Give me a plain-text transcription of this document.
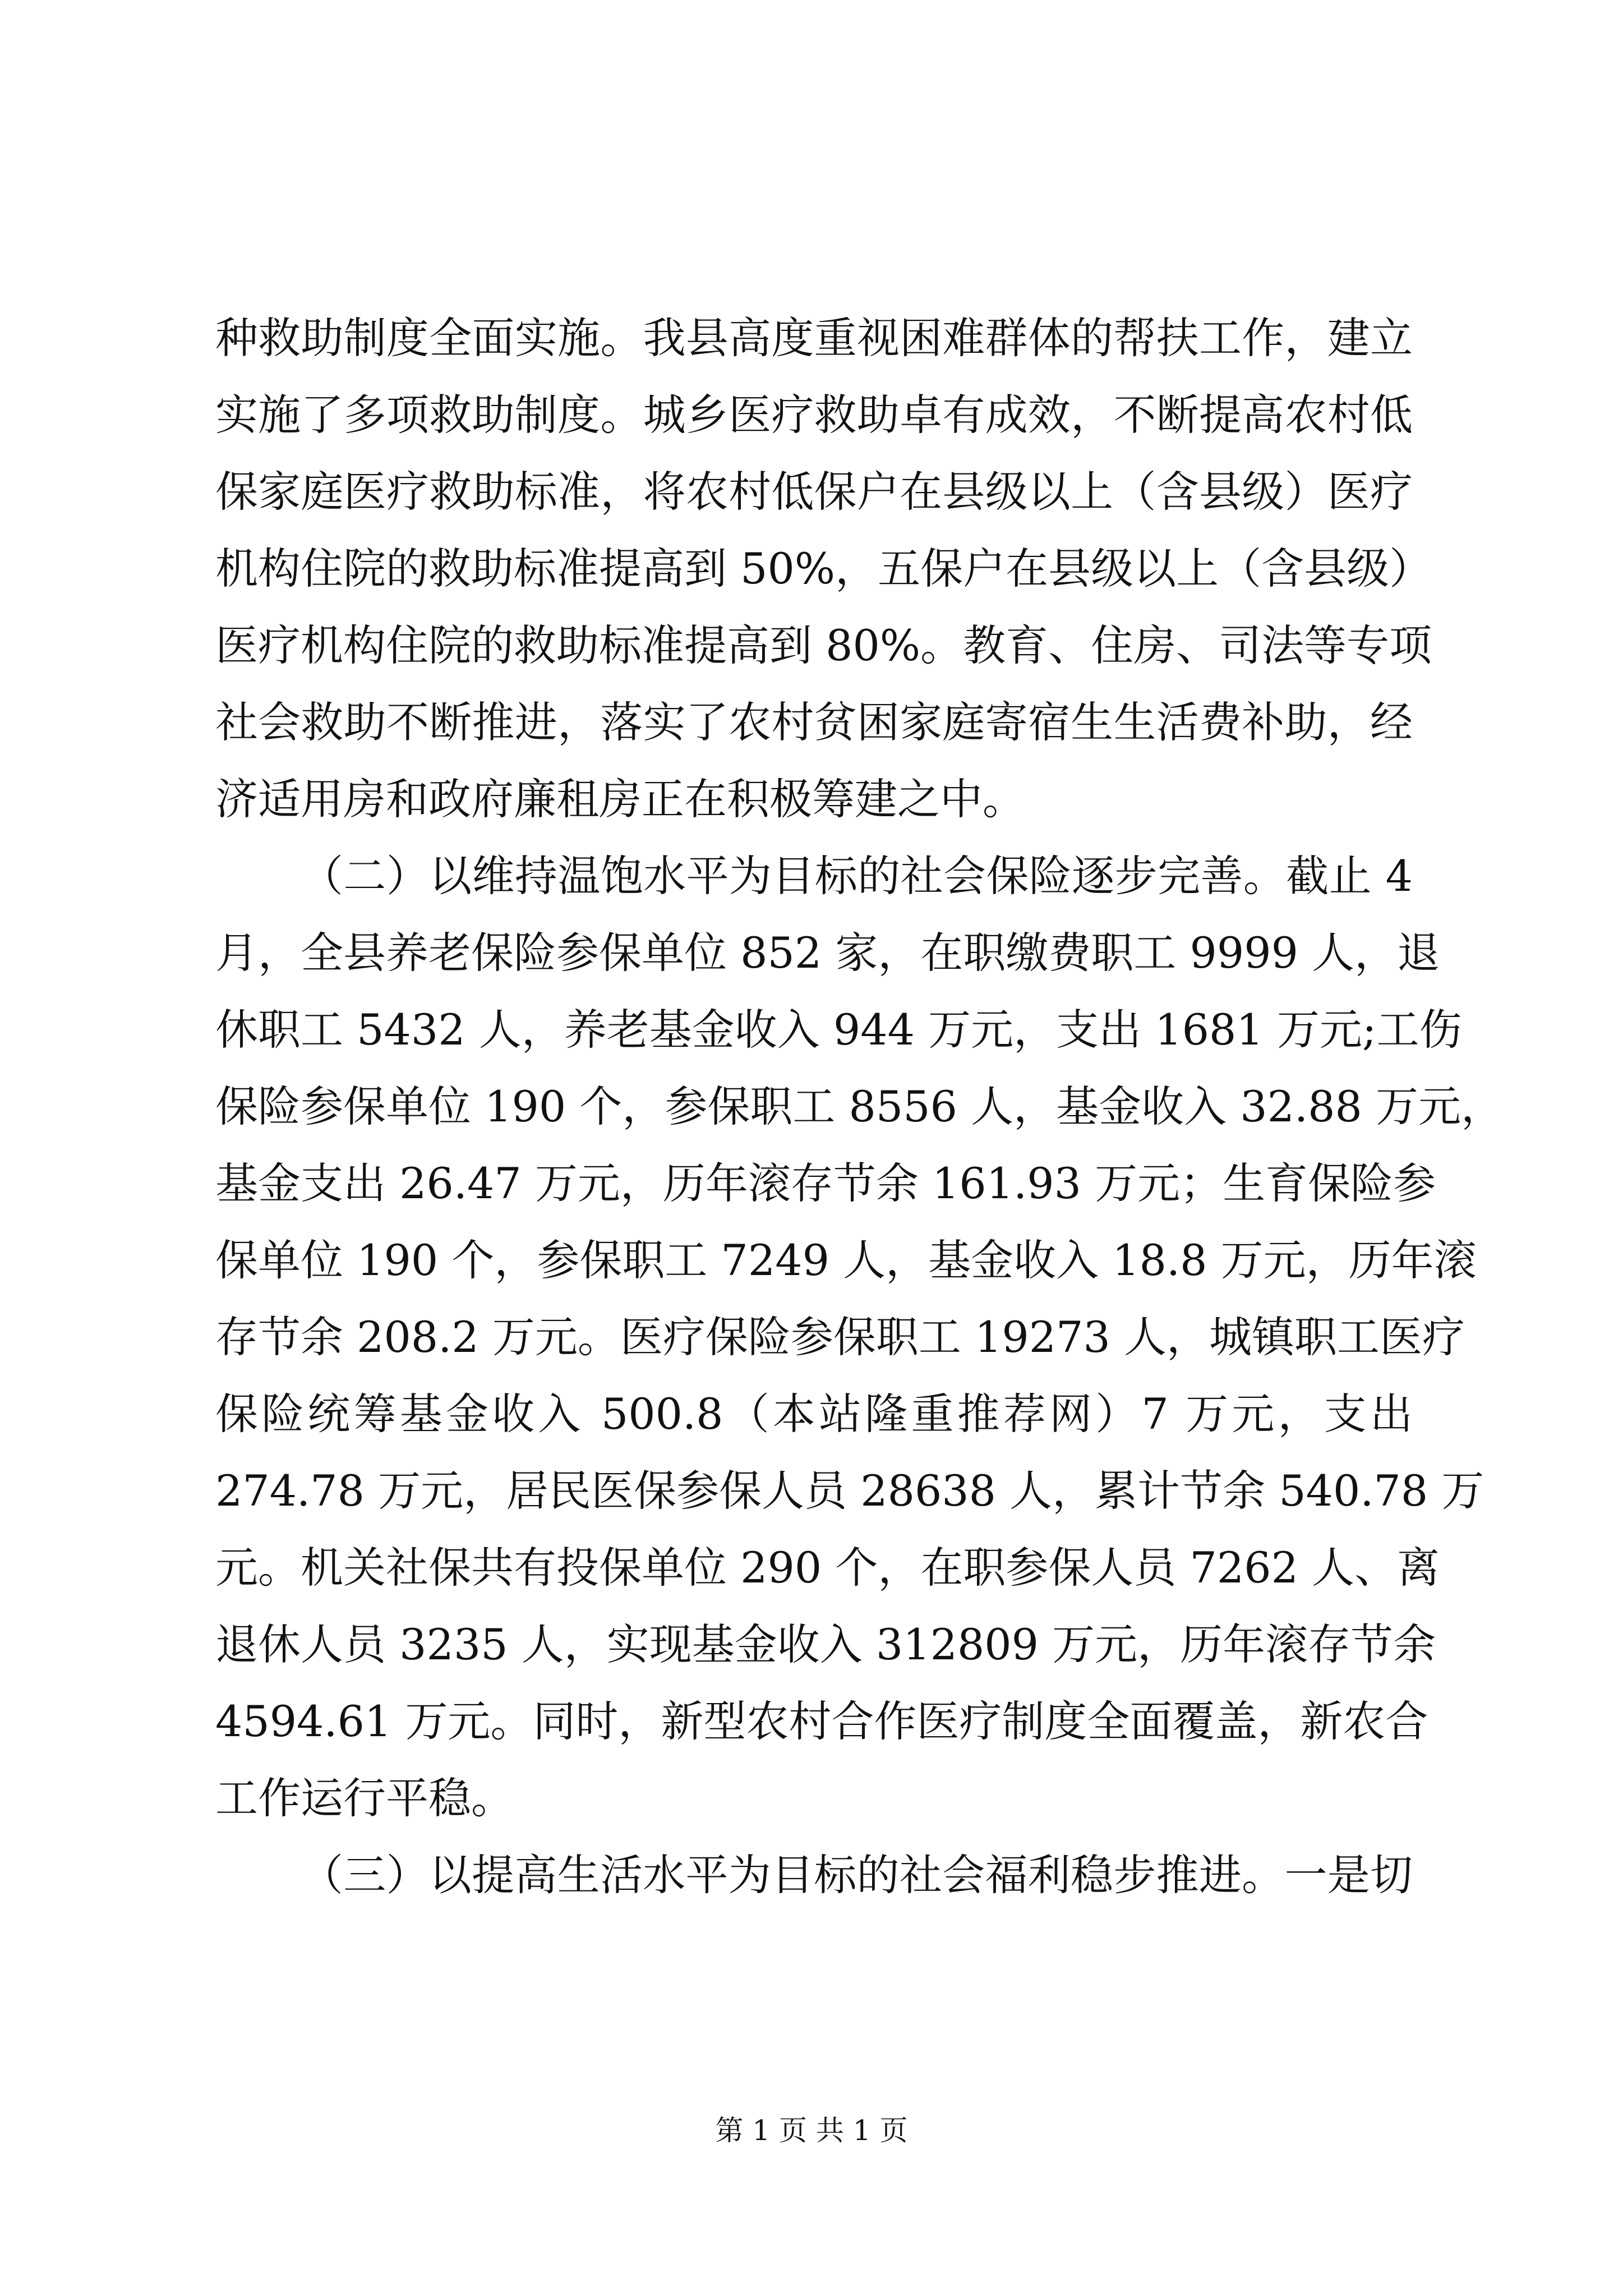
种救助制度全面实施。我县高度重视困难群体的帮扶工作，建立
实施了多项救助制度。城乡医疗救助卓有成效，不断提高农村低
保家庭医疗救助标准，将农村低保户在县级以上（含县级）医疗
机构住院的救助标准提高到 50%，五保户在县级以上（含县级）
医疗机构住院的救助标准提高到 80%。教育、住房、司法等专项
社会救助不断推进，落实了农村贫困家庭寄宿生生活费补助，经
济适用房和政府廉租房正在积极筹建之中。
（二）以维持温饱水平为目标的社会保险逐步完善。截止 4
月，全县养老保险参保单位 852 家，在职缴费职工 9999 人，退
休职工 5432 人，养老基金收入 944 万元，支出 1681 万元;工伤
保险参保单位 190 个，参保职工 8556 人，基金收入 32.88 万元，
基金支出 26.47 万元，历年滚存节余 161.93 万元；生育保险参
保单位 190 个，参保职工 7249 人，基金收入 18.8 万元，历年滚
存节余 208.2 万元。医疗保险参保职工 19273 人，城镇职工医疗
保险统筹基金收入 500.8（本站隆重推荐网）7 万元，支出
274.78 万元，居民医保参保人员 28638 人，累计节余 540.78 万
元。机关社保共有投保单位 290 个，在职参保人员 7262 人、离
退休人员 3235 人，实现基金收入 312809 万元，历年滚存节余
4594.61 万元。同时，新型农村合作医疗制度全面覆盖，新农合
工作运行平稳。
（三）以提高生活水平为目标的社会福利稳步推进。一是切
第 1 页 共 1 页
